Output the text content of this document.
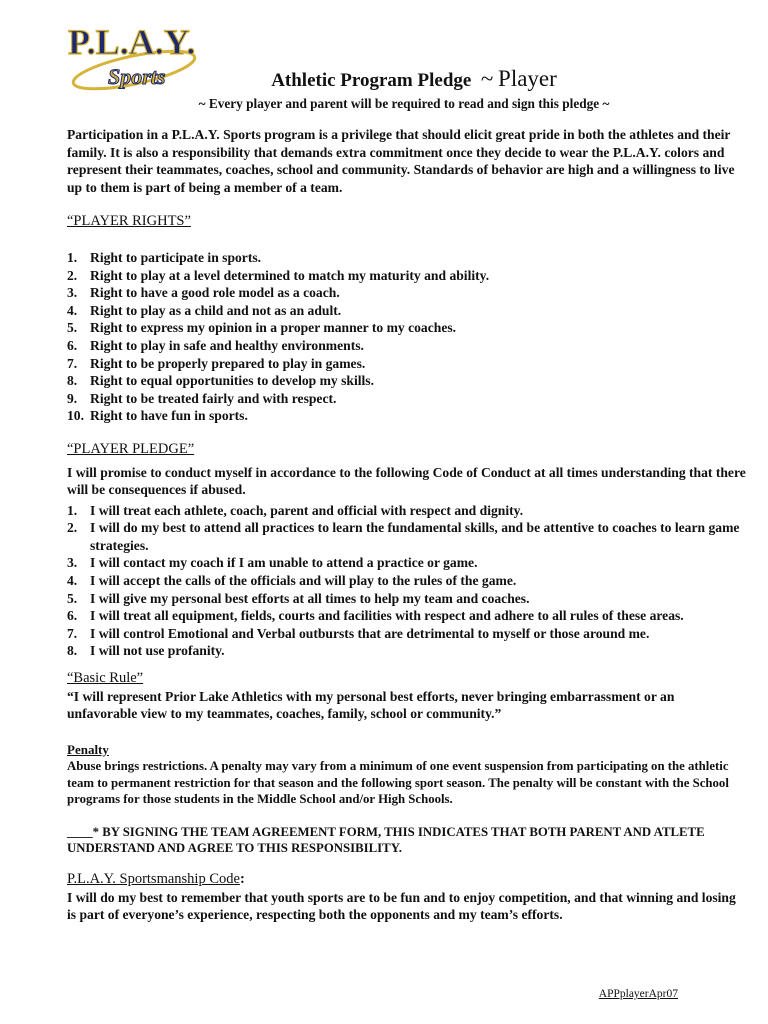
P.L.A.Y.
Sports	Athletic Program Pledge ~ Player
~ Every player and parent will be required to read and sign this pledge ~

Participation in a P.L.A.Y. Sports program is a privilege that should elicit great pride in both the athletes and their family. It is also a responsibility that demands extra commitment once they decide to wear the P.L.A.Y. colors and represent their teammates, coaches, school and community. Standards of behavior are high and a willingness to live up to them is part of being a member of a team.

“PLAYER RIGHTS”

1. Right to participate in sports.
2. Right to play at a level determined to match my maturity and ability.
3. Right to have a good role model as a coach.
4. Right to play as a child and not as an adult.
5. Right to express my opinion in a proper manner to my coaches.
6. Right to play in safe and healthy environments.
7. Right to be properly prepared to play in games.
8. Right to equal opportunities to develop my skills.
9. Right to be treated fairly and with respect.
10. Right to have fun in sports.

“PLAYER PLEDGE”

I will promise to conduct myself in accordance to the following Code of Conduct at all times understanding that there will be consequences if abused.

1. I will treat each athlete, coach, parent and official with respect and dignity.
2. I will do my best to attend all practices to learn the fundamental skills, and be attentive to coaches to learn game strategies.
3. I will contact my coach if I am unable to attend a practice or game.
4. I will accept the calls of the officials and will play to the rules of the game.
5. I will give my personal best efforts at all times to help my team and coaches.
6. I will treat all equipment, fields, courts and facilities with respect and adhere to all rules of these areas.
7. I will control Emotional and Verbal outbursts that are detrimental to myself or those around me.
8. I will not use profanity.

“Basic Rule”

“I will represent Prior Lake Athletics with my personal best efforts, never bringing embarrassment or an unfavorable view to my teammates, coaches, family, school or community.”

Penalty

Abuse brings restrictions. A penalty may vary from a minimum of one event suspension from participating on the athletic team to permanent restriction for that season and the following sport season. The penalty will be constant with the School programs for those students in the Middle School and/or High Schools.

____* BY SIGNING THE TEAM AGREEMENT FORM, THIS INDICATES THAT BOTH PARENT AND ATLETE UNDERSTAND AND AGREE TO THIS RESPONSIBILITY.

P.L.A.Y. Sportsmanship Code:

I will do my best to remember that youth sports are to be fun and to enjoy competition, and that winning and losing is part of everyone’s experience, respecting both the opponents and my team’s efforts.

APPplayerApr07
